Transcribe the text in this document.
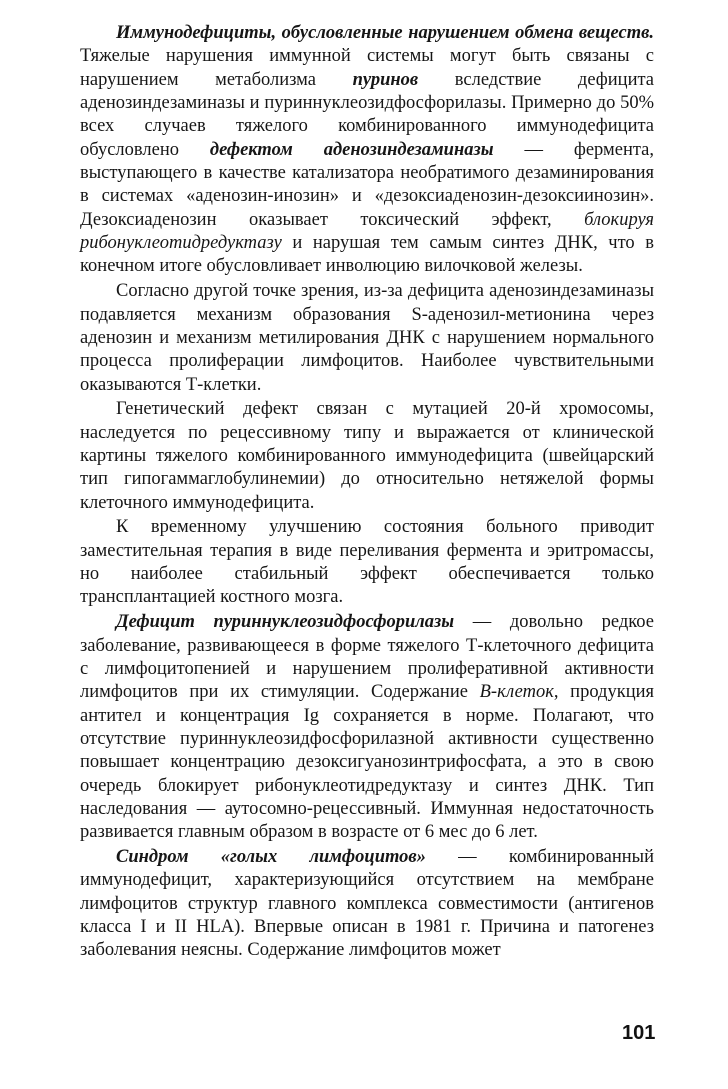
Иммунодефициты, обусловленные нарушением обмена веществ. Тяжелые нарушения иммунной системы могут быть связаны с нарушением метаболизма пуринов вследствие дефицита аденозиндезаминазы и пуриннуклеозидфосфорилазы. Примерно до 50% всех случаев тяжелого комбинированного иммунодефицита обусловлено дефектом аденозиндезаминазы — фермента, выступающего в качестве катализатора необратимого дезаминирования в системах «аденозин-инозин» и «дезоксиаденозин-дезоксиинозин». Дезоксиаденозин оказывает токсический эффект, блокируя рибонуклеотидредуктазу и нарушая тем самым синтез ДНК, что в конечном итоге обусловливает инволюцию вилочковой железы.

Согласно другой точке зрения, из-за дефицита аденозиндезаминазы подавляется механизм образования S-аденозил-метионина через аденозин и механизм метилирования ДНК с нарушением нормального процесса пролиферации лимфоцитов. Наиболее чувствительными оказываются Т-клетки.

Генетический дефект связан с мутацией 20-й хромосомы, наследуется по рецессивному типу и выражается от клинической картины тяжелого комбинированного иммунодефицита (швейцарский тип гипогаммаглобулинемии) до относительно нетяжелой формы клеточного иммунодефицита.

К временному улучшению состояния больного приводит заместительная терапия в виде переливания фермента и эритромассы, но наиболее стабильный эффект обеспечивается только трансплантацией костного мозга.

Дефицит пуриннуклеозидфосфорилазы — довольно редкое заболевание, развивающееся в форме тяжелого Т-клеточного дефицита с лимфоцитопенией и нарушением пролиферативной активности лимфоцитов при их стимуляции. Содержание В-клеток, продукция антител и концентрация Ig сохраняется в норме. Полагают, что отсутствие пуриннуклеозидфосфорилазной активности существенно повышает концентрацию дезоксигуанозинтрифосфата, а это в свою очередь блокирует рибонуклеотидредуктазу и синтез ДНК. Тип наследования — аутосомно-рецессивный. Иммунная недостаточность развивается главным образом в возрасте от 6 мес до 6 лет.

Синдром «голых лимфоцитов» — комбинированный иммунодефицит, характеризующийся отсутствием на мембране лимфоцитов структур главного комплекса совместимости (антигенов класса I и II HLA). Впервые описан в 1981 г. Причина и патогенез заболевания неясны. Содержание лимфоцитов может

101
